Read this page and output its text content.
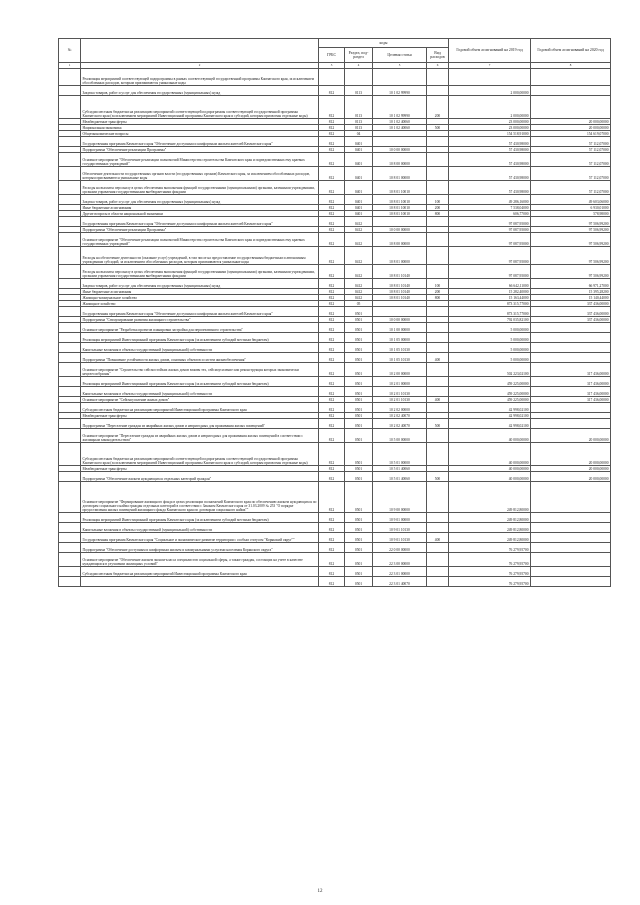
№		коды				Годовой объем ассигнований на 2019 год	Годовой объем ассигнований на 2020 год
		ГРБС	Раздел, под-раздел	Целевая статья	Вид расходов		
1	2	3	4	5	6	7	8
	Реализация мероприятий соответствующей подпрограммы в рамках соответствующей государственной программы Камчатского края, за исключением обособленных расходов, которым присваиваются уникальные коды						
	Закупка товаров, работ и услуг для обеспечения государственных (муниципальных) нужд	812	0113	10 1 02 99990		2 000,00000	
	Субсидии местным бюджетам на реализацию мероприятий соответствующей подпрограммы соответствующей государственной программы Камчатского края (за исключением мероприятий Инвестиционной программы Камчатского края и субсидий, которым присвоены отдельные коды)	812	0113	10 1 02 99990	200	2 000,00000	
	Межбюджетные трансферты	812	0113	10 1 02 40060		23 000,00000	20 000,00000
	Национальная экономика	812	0113	10 1 02 40060	500	23 000,00000	20 000,00000
	Общеэкономические вопросы	812	04			154 518,91000	154 619,07000
	Государственная программа Камчатского края "Обеспечение доступным и комфортным жильем жителей Камчатского края"	812	0401			57 430,98000	57 112,07000
	Подпрограмма "Обеспечение реализации Программы"	812	0401	10 0 00 00000		57 430,98000	57 112,07000
	Основное мероприятие "Обеспечение реализации полномочий Министерства строительства Камчатского края и подведомственных ему краевых государственных учреждений"	812	0401	10 8 00 00000		57 430,98000	57 112,07000
	Обеспечение деятельности государственных органов власти (государственных органов) Камчатского края, за исключением обособленных расходов, которым присваиваются уникальные коды	812	0401	10 8 01 00000		57 430,98000	57 112,07000
	Расходы на выплаты персоналу в целях обеспечения выполнения функций государственными (муниципальными) органами, казенными учреждениями, органами управления государственными внебюджетными фондами	812	0401	10 8 01 10010		57 430,98000	57 112,07000
	Закупка товаров, работ и услуг для обеспечения государственных (муниципальных) нужд	812	0401	10 8 01 10010	100	49 286,16000	49 603,06000
	Иные бюджетные ассигнования	812	0401	10 8 01 10010	200	7 538,04000	6 930,01000
	Другие вопросы в области национальной экономики	812	0401	10 8 01 10010	800	606,77000	578,98000
	Государственная программа Камчатского края "Обеспечение доступным и комфортным жильем жителей Камчатского края"	812	0412			97 087,95000	97 506,99200
	Подпрограмма "Обеспечение реализации Программы"	812	0412	10 0 00 00000		97 087,95000	97 506,99200
	Основное мероприятие "Обеспечение реализации полномочий Министерства строительства Камчатского края и подведомственных ему краевых государственных учреждений"	812	0412	10 8 00 00000		97 087,95000	97 506,99200
	Расходы на обеспечение деятельности (оказание услуг) учреждений, в том числе на предоставление государственным бюджетным и автономным учреждениям субсидий, за исключением обособленных расходов, которым присваиваются уникальные коды	812	0412	10 8 01 00000		97 087,95000	97 506,99200
	Расходы на выплаты персоналу в целях обеспечения выполнения функций государственными (муниципальными) органами, казенными учреждениями, органами управления государственными внебюджетными фондами	812	0412	10 8 01 10140		97 087,95000	97 506,99200
	Закупка товаров, работ и услуг для обеспечения государственных (муниципальных) нужд	812	0412	10 8 01 10140	100	66 642,11000	66 971,27000
	Иные бюджетные ассигнования	812	0412	10 8 01 10140	200	15 282,40000	15 395,28200
	Жилищно-коммунальное хозяйство	812	0412	10 8 01 10140	800	15 163,44000	15 140,44000
	Жилищное хозяйство	812	05			873 315,77000	337 436,00000
	Государственная программа Камчатского края "Обеспечение доступным и комфортным жильем жителей Камчатского края"	812	0501			873 315,77000	337 436,00000
	Подпрограмма "Стимулирование развития жилищного строительства"	812	0501	10 0 00 00000		792 035,82100	337 436,00000
	Основное мероприятие "Разработка проектов планировки застройки для перспективного строительства"	812	0501	10 1 00 00000		5 000,00000	
	Реализация мероприятий Инвестиционной программы Камчатского края (за исключением субсидий местным бюджетам)	812	0501	10 1 05 00000		5 000,00000	
	Капитальные вложения в объекты государственной (муниципальной) собственности	812	0501	10 1 05 10130		5 000,00000	
	Подпрограмма "Повышение устойчивости жилых домов, основных объектов и систем жизнеобеспечения"	812	0501	10 1 05 10130	400	5 000,00000	
	Основное мероприятие "Строительство сейсмостойких жилых домов взамен тех, сейсмоусиление или реконструкция которых экономически нецелесообразны"	812	0501	10 2 00 00000		502 223,02100	317 436,00000
	Реализация мероприятий Инвестиционной программы Камчатского края (за исключением субсидий местным бюджетам)	812	0501	10 2 01 00000		459 225,00000	317 436,00000
	Капитальные вложения в объекты государственной (муниципальной) собственности	812	0501	10 2 01 10130		459 225,00000	317 436,00000
	Основное мероприятие "Сейсмоусиление жилых домов"	812	0501	10 2 01 10130	400	459 225,00000	317 436,00000
	Субсидии местным бюджетам на реализацию мероприятий Инвестиционной программы Камчатского края	812	0501	10 2 02 00000		42 998,02100	
	Межбюджетные трансферты	812	0501	10 2 02 40070		42 998,02100	
	Подпрограмма "Переселение граждан из аварийных жилых домов и непригодных для проживания жилых помещений"	812	0501	10 2 02 40070	500	42 998,02100	
	Основное мероприятие "Переселение граждан из аварийных жилых домов и непригодных для проживания жилых помещений в соответствии с жилищным законодательством"	812	0501	10 5 00 00000		40 000,00000	20 000,00000
	Субсидии местным бюджетам на реализацию мероприятий соответствующей подпрограммы соответствующей государственной программы Камчатского края (за исключением мероприятий Инвестиционной программы Камчатского края и субсидий, которым присвоены отдельные коды)	812	0501	10 5 01 00000		40 000,00000	20 000,00000
	Межбюджетные трансферты	812	0501	10 5 01 40060		40 000,00000	20 000,00000
	Подпрограмма "Обеспечение жильем нуждающихся отдельных категорий граждан"	812	0501	10 5 01 40060	500	40 000,00000	20 000,00000
	Основное мероприятие "Формирование жилищного фонда в целях реализации полномочий Камчатского края по обеспечению жильем нуждающихся по договорам социального найма граждан отдельных категорий в соответствии с Законом Камчатского края от 31.03.2009 № 253 "О порядке предоставления жилых помещений жилищного фонда Камчатского края по договорам социального найма""	812	0501	10 9 00 00000		249 812,80000	
	Реализация мероприятий Инвестиционной программы Камчатского края (за исключением субсидий местным бюджетам)	812	0501	10 9 01 00000		249 812,80000	
	Капитальные вложения в объекты государственной (муниципальной) собственности	812	0501	10 9 01 10130		249 812,80000	
	Государственная программа Камчатского края "Социальное и экономическое развитие территории с особым статусом "Корякский округ""	812	0501	10 9 01 10130	400	249 812,80000	
	Подпрограмма "Обеспечение доступным и комфортным жильем и коммунальными услугами населения Корякского округа"	812	0501	22 0 00 00000		76 279,95700	
	Основное мероприятие "Обеспечение жильем эконом-класса специалистов социальной сферы, а также граждан, состоящих на учете в качестве нуждающихся в улучшении жилищных условий"	812	0501	22 3 00 00000		76 279,95700	
	Субсидии местным бюджетам на реализацию мероприятий Инвестиционной программы Камчатского края	812	0501	22 3 01 00000		76 279,95700	
		812	0501	22 3 01 40070		76 279,95700	
12
